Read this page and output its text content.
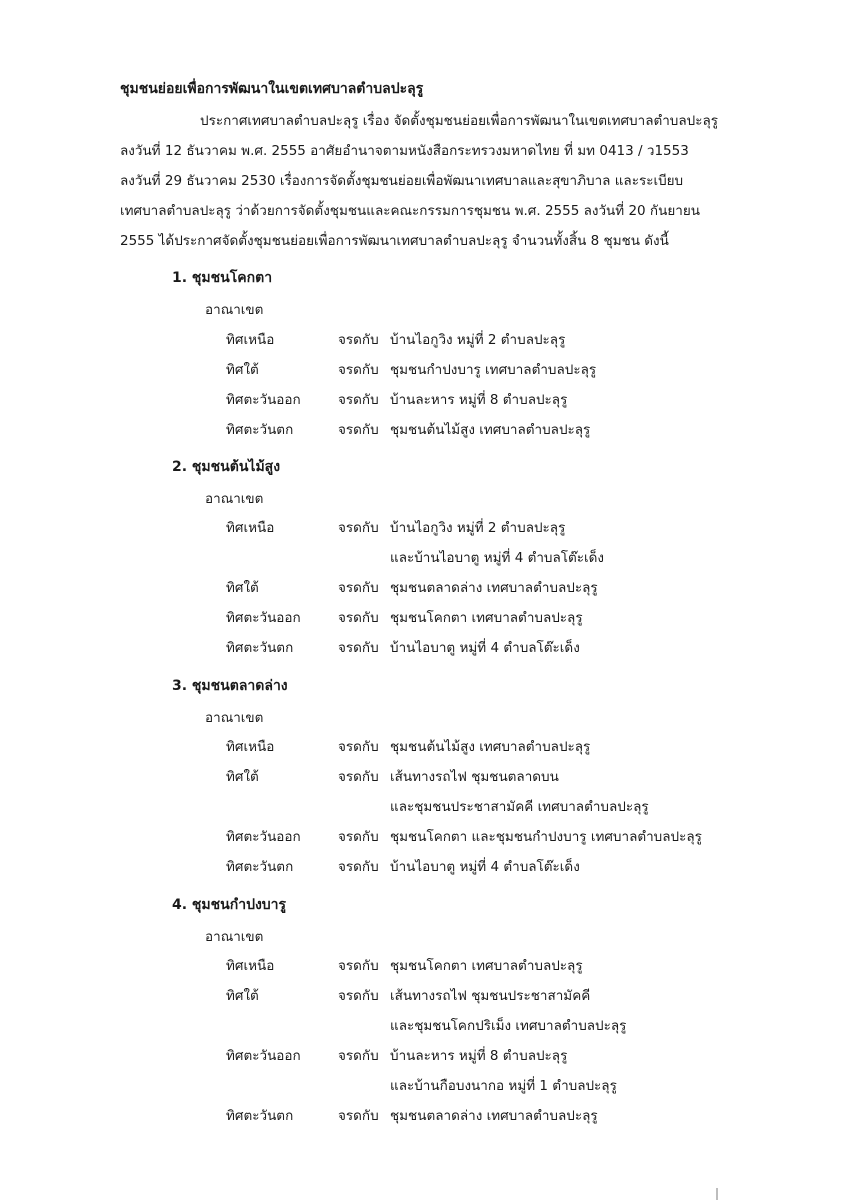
ชุมชนย่อยเพื่อการพัฒนาในเขตเทศบาลตำบลปะลุรู
ประกาศเทศบาลตำบลปะลุรู เรื่อง จัดตั้งชุมชนย่อยเพื่อการพัฒนาในเขตเทศบาลตำบลปะลุรู
ลงวันที่ 12 ธันวาคม พ.ศ. 2555 อาศัยอำนาจตามหนังสือกระทรวงมหาดไทย ที่ มท 0413 / ว1553
ลงวันที่ 29 ธันวาคม 2530 เรื่องการจัดตั้งชุมชนย่อยเพื่อพัฒนาเทศบาลและสุขาภิบาล และระเบียบ
เทศบาลตำบลปะลุรู ว่าด้วยการจัดตั้งชุมชนและคณะกรรมการชุมชน พ.ศ. 2555 ลงวันที่ 20 กันยายน
2555 ได้ประกาศจัดตั้งชุมชนย่อยเพื่อการพัฒนาเทศบาลตำบลปะลุรู จำนวนทั้งสิ้น 8 ชุมชน ดังนี้
1. ชุมชนโคกตา
อาณาเขต
ทิศเหนือ	จรดกับ บ้านไอกูวิง หมู่ที่ 2 ตำบลปะลุรู
ทิศใต้	จรดกับ ชุมชนกำปงบารู เทศบาลตำบลปะลุรู
ทิศตะวันออก	จรดกับ บ้านละหาร หมู่ที่ 8 ตำบลปะลุรู
ทิศตะวันตก	จรดกับ ชุมชนต้นไม้สูง เทศบาลตำบลปะลุรู
2. ชุมชนต้นไม้สูง
อาณาเขต
ทิศเหนือ	จรดกับ บ้านไอกูวิง หมู่ที่ 2 ตำบลปะลุรู
และบ้านไอบาตู หมู่ที่ 4 ตำบลโต๊ะเด็ง
ทิศใต้	จรดกับ ชุมชนตลาดล่าง เทศบาลตำบลปะลุรู
ทิศตะวันออก	จรดกับ ชุมชนโคกตา เทศบาลตำบลปะลุรู
ทิศตะวันตก	จรดกับ บ้านไอบาตู หมู่ที่ 4 ตำบลโต๊ะเด็ง
3. ชุมชนตลาดล่าง
อาณาเขต
ทิศเหนือ	จรดกับ ชุมชนต้นไม้สูง เทศบาลตำบลปะลุรู
ทิศใต้	จรดกับ เส้นทางรถไฟ ชุมชนตลาดบน
และชุมชนประชาสามัคคี เทศบาลตำบลปะลุรู
ทิศตะวันออก	จรดกับ ชุมชนโคกตา และชุมชนกำปงบารู เทศบาลตำบลปะลุรู
ทิศตะวันตก	จรดกับ บ้านไอบาตู หมู่ที่ 4 ตำบลโต๊ะเด็ง
4. ชุมชนกำปงบารู
อาณาเขต
ทิศเหนือ	จรดกับ ชุมชนโคกตา เทศบาลตำบลปะลุรู
ทิศใต้	จรดกับ เส้นทางรถไฟ ชุมชนประชาสามัคคี
และชุมชนโคกปริเม็ง เทศบาลตำบลปะลุรู
ทิศตะวันออก	จรดกับ บ้านละหาร หมู่ที่ 8 ตำบลปะลุรู
และบ้านกือบงนากอ หมู่ที่ 1 ตำบลปะลุรู
ทิศตะวันตก	จรดกับ ชุมชนตลาดล่าง เทศบาลตำบลปะลุรู
